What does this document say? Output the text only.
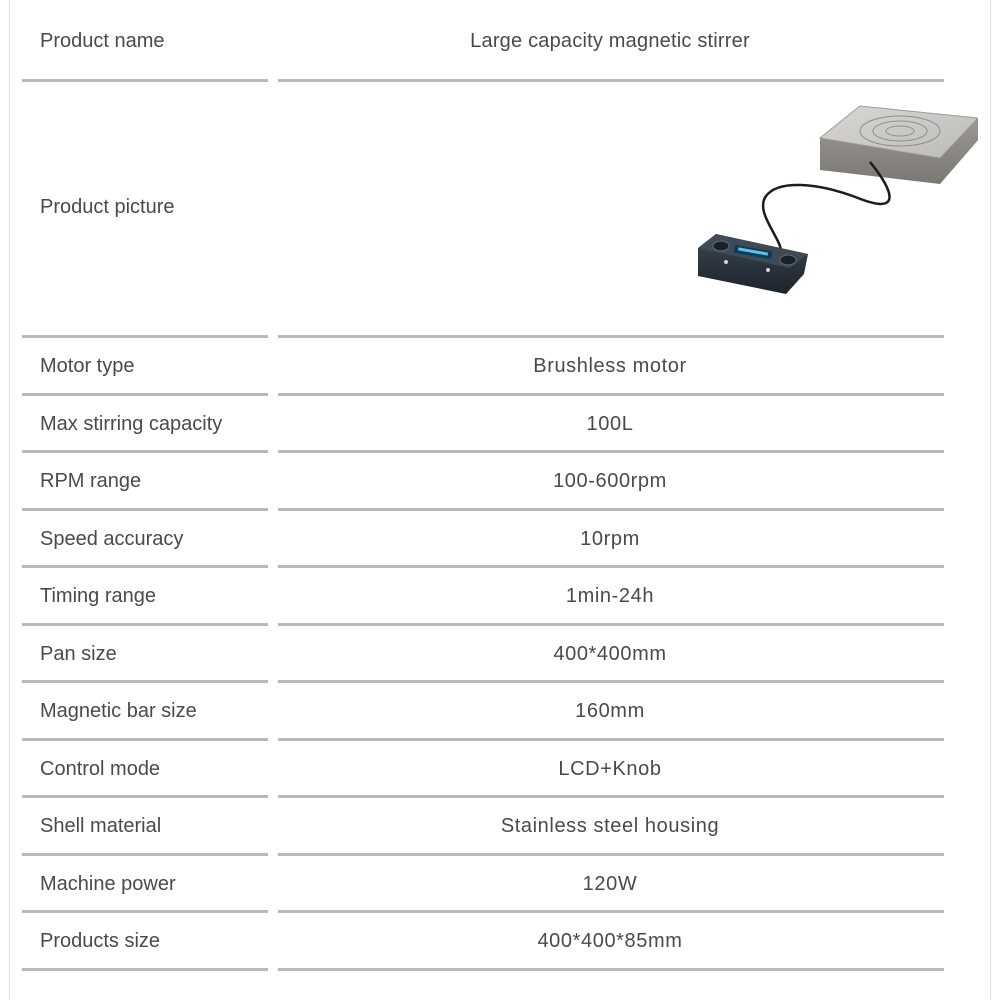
Product name	Large capacity magnetic stirrer
Product picture
Motor type	Brushless motor
Max stirring capacity	100L
RPM range	100-600rpm
Speed accuracy	10rpm
Timing range	1min-24h
Pan size	400*400mm
Magnetic bar size	160mm
Control mode	LCD+Knob
Shell material	Stainless steel housing
Machine power	120W
Products size	400*400*85mm
